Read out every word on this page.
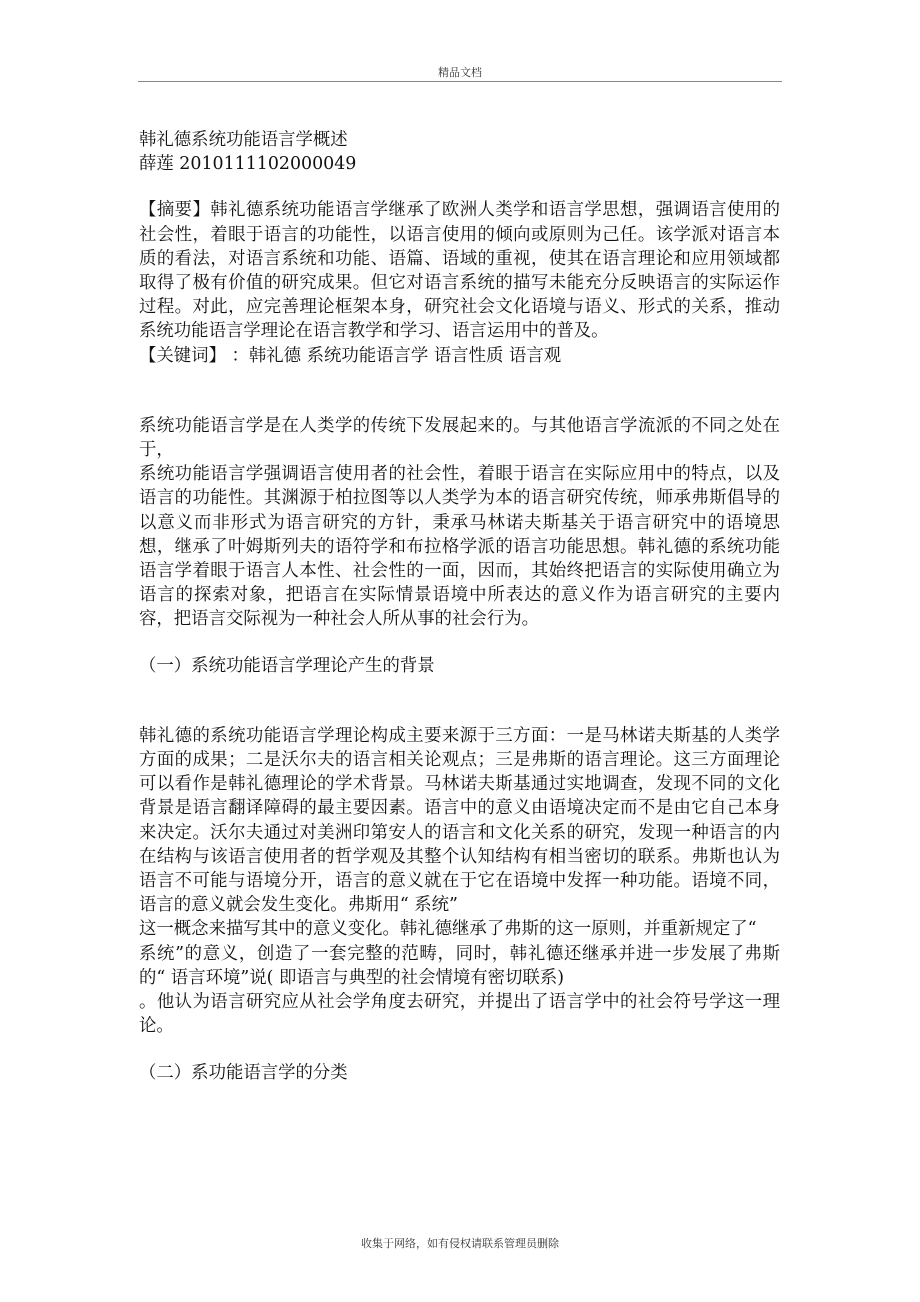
精品文档

韩礼德系统功能语言学概述

薛莲 2010111102000049

【摘要】韩礼德系统功能语言学继承了欧洲人类学和语言学思想，强调语言使用的社会性，着眼于语言的功能性，以语言使用的倾向或原则为己任。该学派对语言本质的看法，对语言系统和功能、语篇、语域的重视，使其在语言理论和应用领域都取得了极有价值的研究成果。但它对语言系统的描写未能充分反映语言的实际运作过程。对此，应完善理论框架本身，研究社会文化语境与语义、形式的关系，推动系统功能语言学理论在语言教学和学习、语言运用中的普及。

【关键词】 ：韩礼德 系统功能语言学 语言性质 语言观

系统功能语言学是在人类学的传统下发展起来的。与其他语言学流派的不同之处在于，

系统功能语言学强调语言使用者的社会性，着眼于语言在实际应用中的特点，以及语言的功能性。其渊源于柏拉图等以人类学为本的语言研究传统，师承弗斯倡导的以意义而非形式为语言研究的方针，秉承马林诺夫斯基关于语言研究中的语境思想，继承了叶姆斯列夫的语符学和布拉格学派的语言功能思想。韩礼德的系统功能语言学着眼于语言人本性、社会性的一面，因而，其始终把语言的实际使用确立为语言的探索对象，把语言在实际情景语境中所表达的意义作为语言研究的主要内容，把语言交际视为一种社会人所从事的社会行为。

（一）系统功能语言学理论产生的背景

韩礼德的系统功能语言学理论构成主要来源于三方面：一是马林诺夫斯基的人类学方面的成果；二是沃尔夫的语言相关论观点；三是弗斯的语言理论。这三方面理论可以看作是韩礼德理论的学术背景。马林诺夫斯基通过实地调查，发现不同的文化背景是语言翻译障碍的最主要因素。语言中的意义由语境决定而不是由它自己本身来决定。沃尔夫通过对美洲印第安人的语言和文化关系的研究，发现一种语言的内在结构与该语言使用者的哲学观及其整个认知结构有相当密切的联系。弗斯也认为语言不可能与语境分开，语言的意义就在于它在语境中发挥一种功能。语境不同，语言的意义就会发生变化。弗斯用“ 系统”

这一概念来描写其中的意义变化。韩礼德继承了弗斯的这一原则，并重新规定了“

系统”的意义，创造了一套完整的范畴，同时，韩礼德还继承并进一步发展了弗斯的“ 语言环境”说( 即语言与典型的社会情境有密切联系)

。他认为语言研究应从社会学角度去研究，并提出了语言学中的社会符号学这一理论。

（二）系功能语言学的分类

收集于网络，如有侵权请联系管理员删除
